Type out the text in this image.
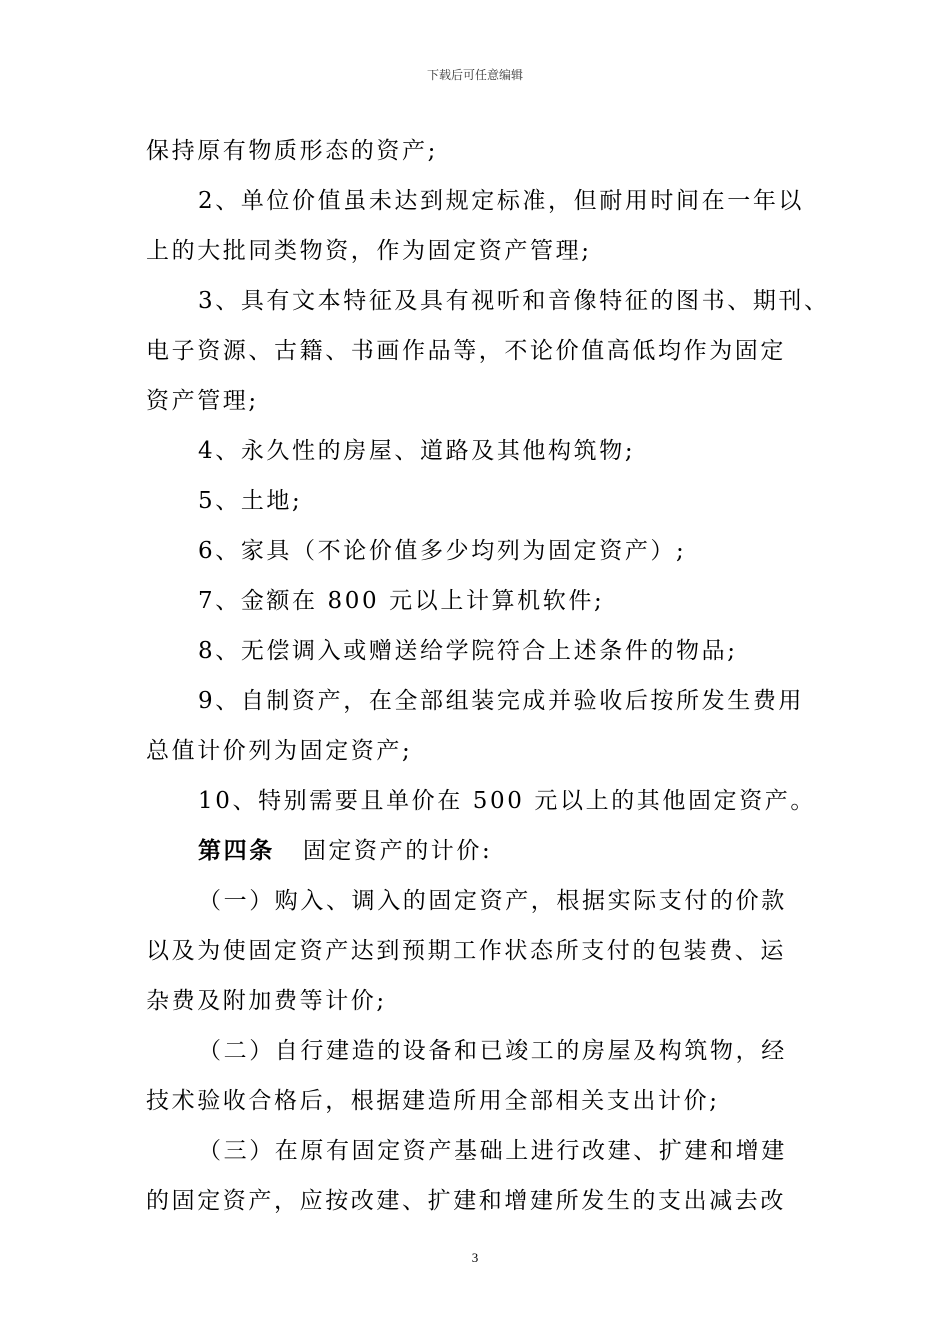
下载后可任意编辑
保持原有物质形态的资产;
2、单位价值虽未达到规定标准，但耐用时间在一年以
上的大批同类物资，作为固定资产管理;
3、具有文本特征及具有视听和音像特征的图书、期刊、
电子资源、古籍、书画作品等，不论价值高低均作为固定
资产管理;
4、永久性的房屋、道路及其他构筑物;
5、土地;
6、家具（不论价值多少均列为固定资产）;
7、金额在 800 元以上计算机软件;
8、无偿调入或赠送给学院符合上述条件的物品;
9、自制资产，在全部组装完成并验收后按所发生费用
总值计价列为固定资产;
10、特别需要且单价在 500 元以上的其他固定资产。
第四条 固定资产的计价:
（一）购入、调入的固定资产，根据实际支付的价款
以及为使固定资产达到预期工作状态所支付的包装费、运
杂费及附加费等计价;
（二）自行建造的设备和已竣工的房屋及构筑物，经
技术验收合格后，根据建造所用全部相关支出计价;
（三）在原有固定资产基础上进行改建、扩建和增建
的固定资产，应按改建、扩建和增建所发生的支出减去改
3
